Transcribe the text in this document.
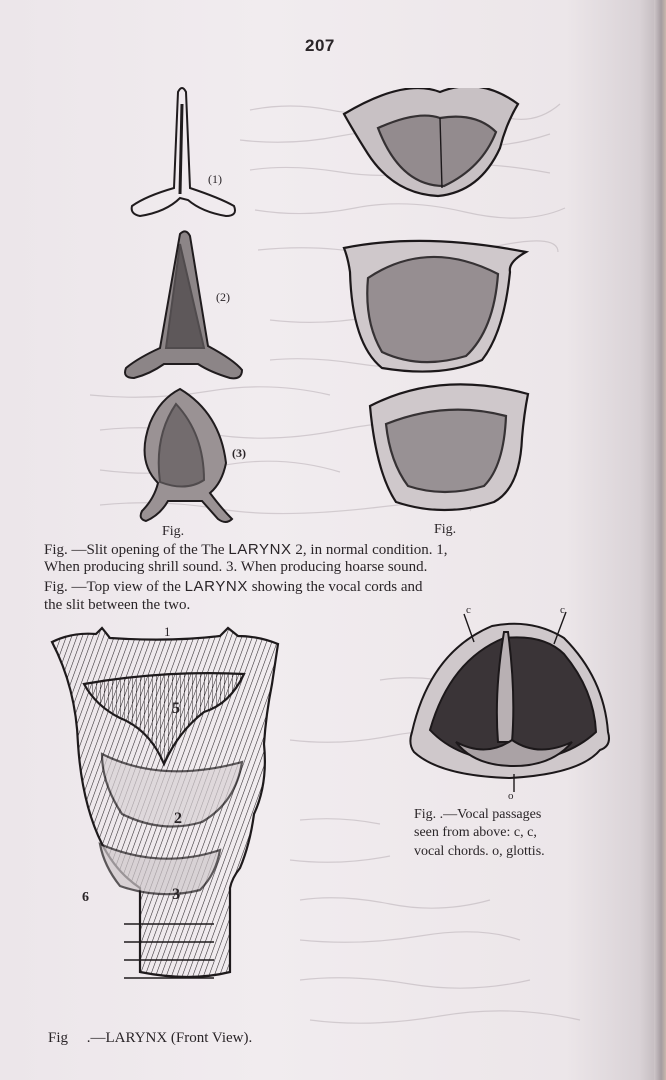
207
(1)
(2)
(3)
Fig.	Fig.
Fig. —Slit opening of the The LARYNX 2, in normal condition. 1,
When producing shrill sound. 3. When producing hoarse sound.
Fig. —Top view of the LARYNX showing the vocal cords and
the slit between the two.
1
5
2
3
6
Fig .—LARYNX (Front View).
c	c
o
Fig. .—Vocal passages
seen from above: c, c,
vocal chords. o, glottis.
